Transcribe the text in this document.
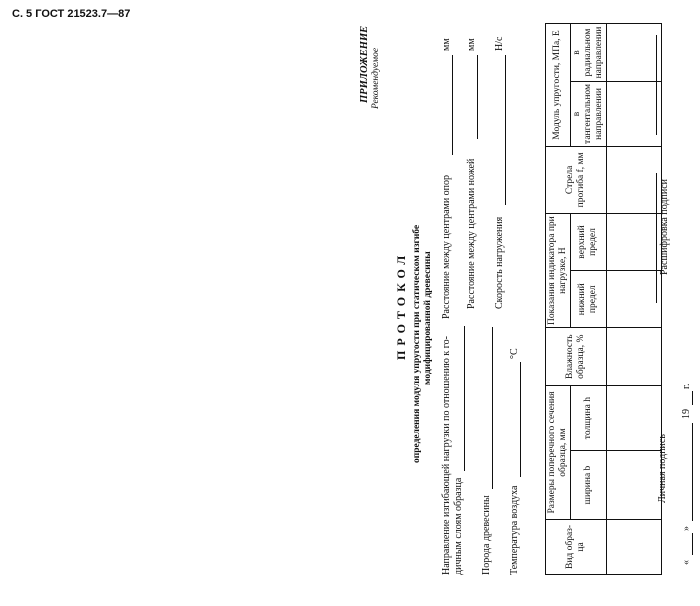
С. 5 ГОСТ 21523.7—87
ПРИЛОЖЕНИЕ Рекомендуемое
ПРОТОКОЛ определения модуля упругости при статическом изгибе модифицированной древесины
Направление изгибающей нагрузки по отношению к го- дичным слоям образца Порода древесины Температура воздуха
°С
Расстояние между центрами опор
мм
Расстояние между центрами ножей
мм
Скорость нагружения
Н/с
Вид образ-ца	Размеры поперечного сечения образца, мм		Влажность образца, %	Показания индикатора при нагрузке, H		Стрела прогиба f, мм	Модуль упругости, МПа, E	
	ширина b	толщина h		нижний предел	верхний предел		в тангентальном направлении	в радиальном направлении

Личная подпись
Расшифровка подписи
«
»
19
г.
